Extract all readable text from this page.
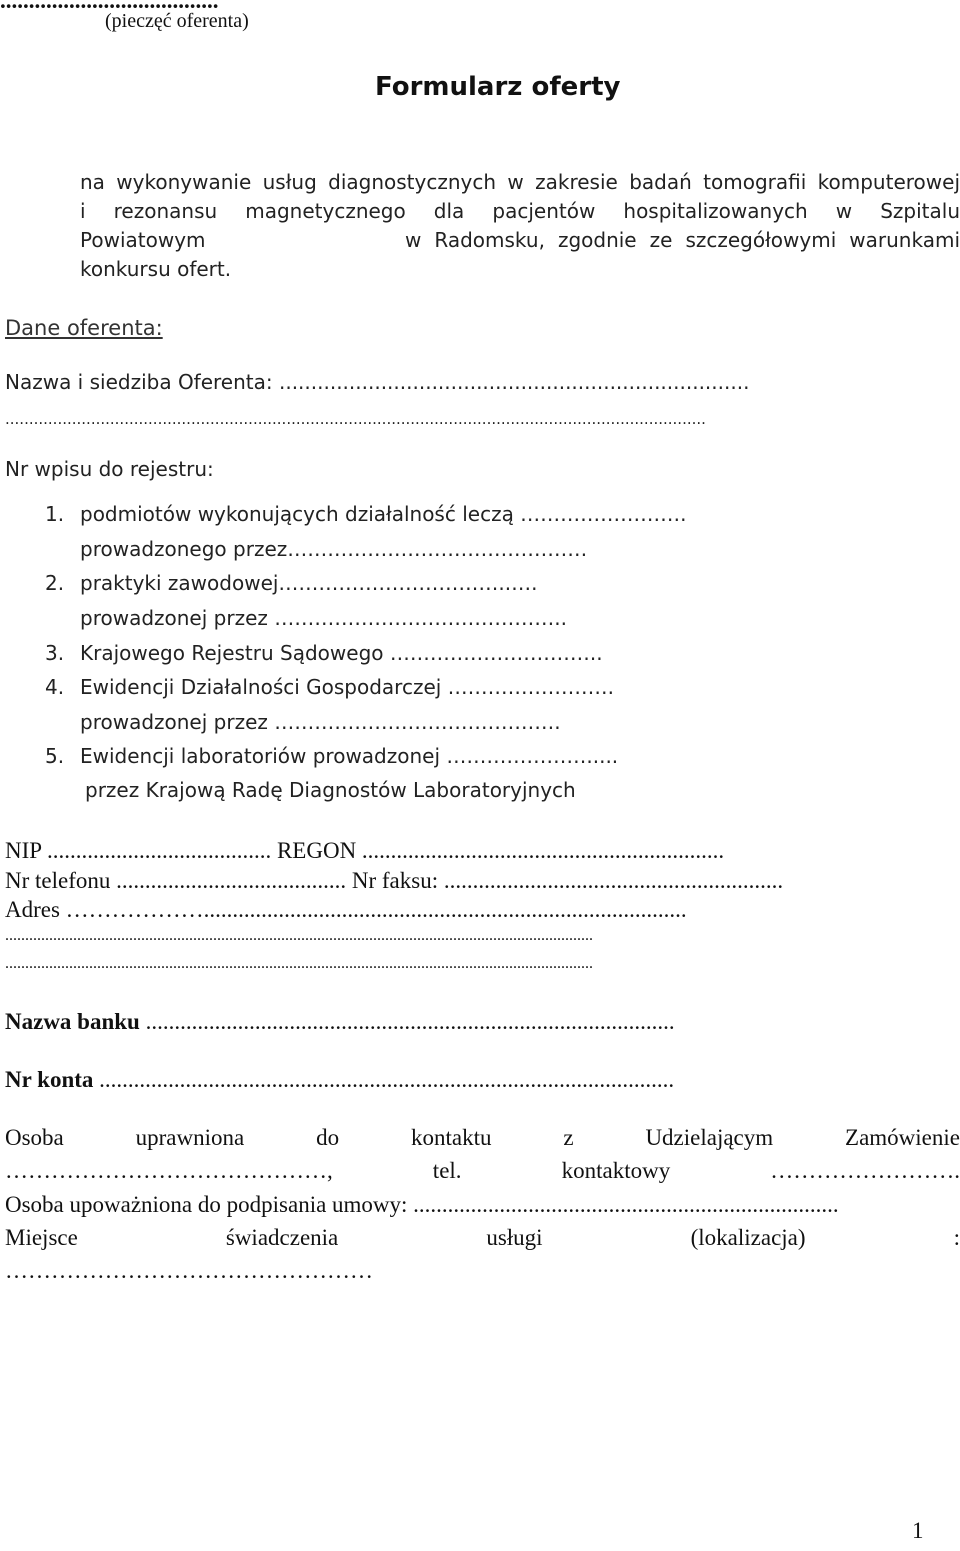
......................................
(pieczęć oferenta)
Formularz oferty
na wykonywanie usług diagnostycznych w zakresie badań tomografii komputerowej
i rezonansu magnetycznego dla pacjentów hospitalizowanych w Szpitalu
Powiatowym	w Radomsku, zgodnie ze szczegółowymi warunkami
konkursu ofert.
Dane oferenta:
Nazwa i siedziba Oferenta: ..........................................................................
...................................................................................................................................................
Nr wpisu do rejestru:
1. podmiotów wykonujących działalność leczą …………………….
prowadzonego przez………………………………………
2. praktyki zawodowej……………………………..….
prowadzonej przez ……………………………………..
3. Krajowego Rejestru Sądowego …………………………..
4. Ewidencji Działalności Gospodarczej …………………….
prowadzonej przez …………………………………….
5. Ewidencji laboratoriów prowadzonej ………………….....
przez Krajową Radę Diagnostów Laboratoryjnych
NIP ....................................... REGON ...............................................................
Nr telefonu ........................................ Nr faksu: ...........................................................
Adres ………………....................................................................................
...................................................................................................................................................
...................................................................................................................................................
Nazwa banku ............................................................................................
Nr konta ....................................................................................................
Osoba uprawniona do kontaktu z Udzielającym Zamówienie
……………………………………, tel. kontaktowy …………………….
Osoba upoważniona do podpisania umowy: ..........................................................................
Miejsce świadczenia usługi (lokalizacja) :
…………………………………………
1
